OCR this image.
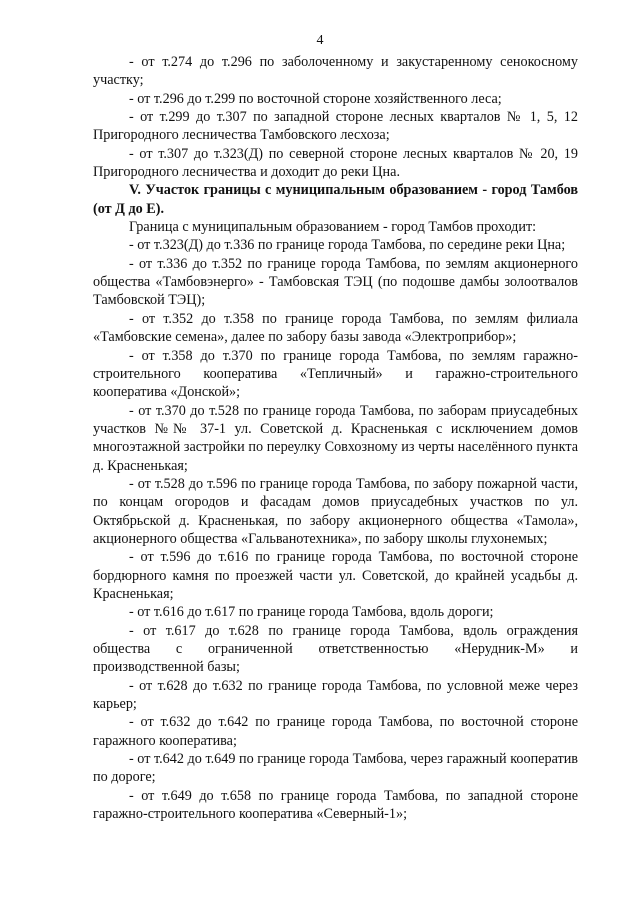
4

- от т.274 до т.296 по заболоченному и закустаренному сенокосному участку;

- от т.296 до т.299 по восточной стороне хозяйственного леса;

- от т.299 до т.307 по западной стороне лесных кварталов № 1, 5, 12 Пригородного лесничества Тамбовского лесхоза;

- от т.307 до т.323(Д) по северной стороне лесных кварталов № 20, 19 Пригородного лесничества и доходит до реки Цна.

V. Участок границы с муниципальным образованием - город Тамбов (от Д до Е).

Граница с муниципальным образованием - город Тамбов проходит:

- от т.323(Д) до т.336 по границе города Тамбова, по середине реки Цна;

- от т.336 до т.352 по границе города Тамбова, по землям акционерного общества «Тамбовэнерго» - Тамбовская ТЭЦ (по подошве дамбы золоотвалов Тамбовской ТЭЦ);

- от т.352 до т.358 по границе города Тамбова, по землям филиала «Тамбовские семена», далее по забору базы завода «Электроприбор»;

- от т.358 до т.370 по границе города Тамбова, по землям гаражно-строительного кооператива «Тепличный» и гаражно-строительного кооператива «Донской»;

- от т.370 до т.528 по границе города Тамбова, по заборам приусадебных участков №№ 37-1 ул. Советской д. Красненькая с исключением домов многоэтажной застройки по переулку Совхозному из черты населённого пункта д. Красненькая;

- от т.528 до т.596 по границе города Тамбова, по забору пожарной части, по концам огородов и фасадам домов приусадебных участков по ул. Октябрьской д. Красненькая, по забору акционерного общества «Тамола», акционерного общества «Гальванотехника», по забору школы глухонемых;

- от т.596 до т.616 по границе города Тамбова, по восточной стороне бордюрного камня по проезжей части ул. Советской, до крайней усадьбы д. Красненькая;

- от т.616 до т.617 по границе города Тамбова, вдоль дороги;

- от т.617 до т.628 по границе города Тамбова, вдоль ограждения общества с ограниченной ответственностью «Нерудник-М» и производственной базы;

- от т.628 до т.632 по границе города Тамбова, по условной меже через карьер;

- от т.632 до т.642 по границе города Тамбова, по восточной стороне гаражного кооператива;

- от т.642 до т.649 по границе города Тамбова, через гаражный кооператив по дороге;

- от т.649 до т.658 по границе города Тамбова, по западной стороне гаражно-строительного кооператива «Северный-1»;
